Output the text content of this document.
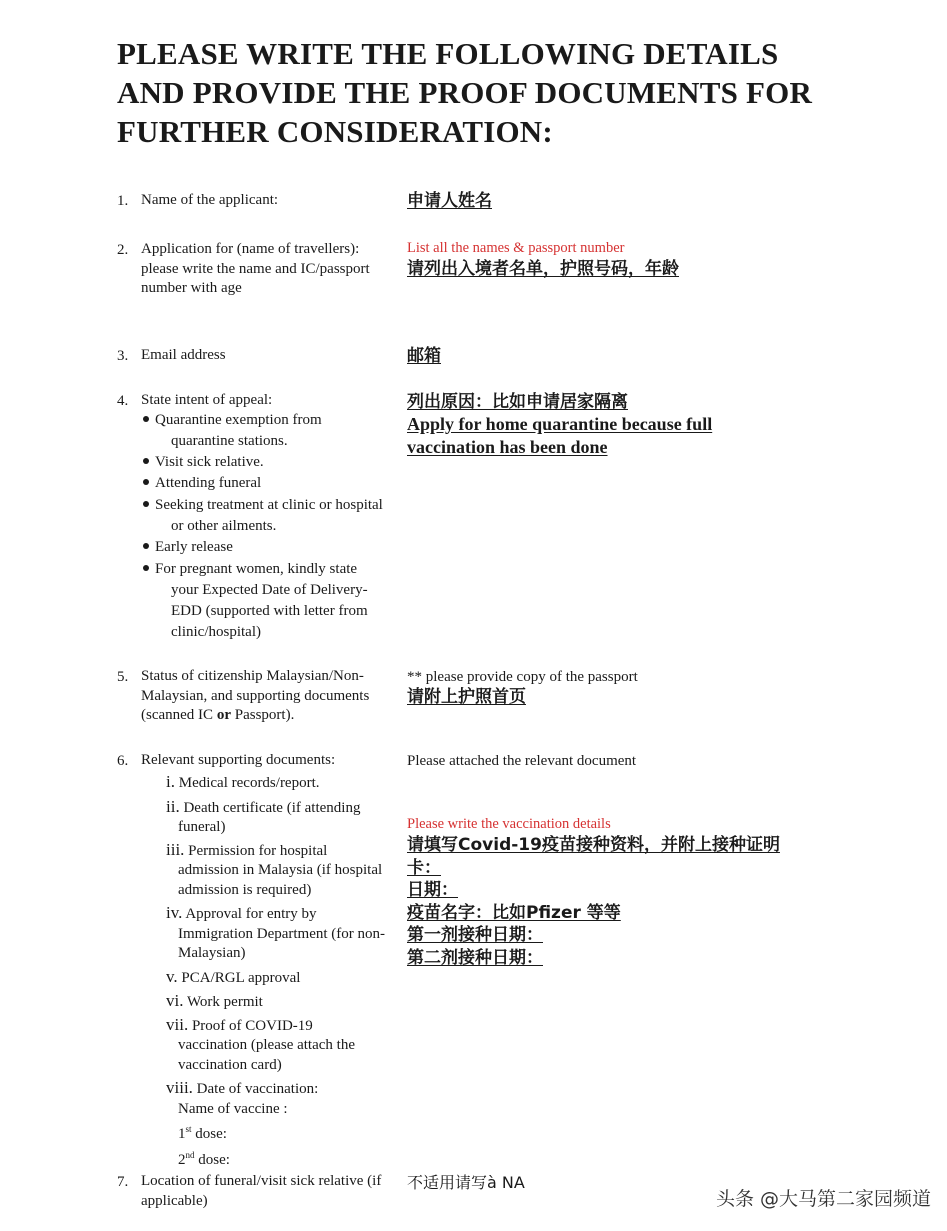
PLEASE WRITE THE FOLLOWING DETAILS
AND PROVIDE THE PROOF DOCUMENTS FOR
FURTHER CONSIDERATION:
1. Name of the applicant:	申请人姓名
2. Application for (name of travellers):
please write the name and IC/passport
number with age
List all the names & passport number
请列出入境者名单，护照号码，年龄
3. Email address	邮箱
4. State intent of appeal:
Quarantine exemption from
quarantine stations.
Visit sick relative.
Attending funeral
Seeking treatment at clinic or hospital
or other ailments.
Early release
For pregnant women, kindly state
your Expected Date of Delivery-
EDD (supported with letter from
clinic/hospital)
列出原因：比如申请居家隔离
Apply for home quarantine because full
vaccination has been done
5. Status of citizenship Malaysian/Non-
Malaysian, and supporting documents
(scanned IC or Passport).
** please provide copy of the passport
请附上护照首页
6. Relevant supporting documents:
i. Medical records/report.
ii. Death certificate (if attending
funeral)
iii. Permission for hospital
admission in Malaysia (if hospital
admission is required)
iv. Approval for entry by
Immigration Department (for non-
Malaysian)
v. PCA/RGL approval
vi. Work permit
vii. Proof of COVID-19
vaccination (please attach the
vaccination card)
viii. Date of vaccination:
Name of vaccine :
1st dose:
2nd dose:
Please attached the relevant document
Please write the vaccination details
请填写Covid-19疫苗接种资料，并附上接种证明
卡：
日期：
疫苗名字：比如Pfizer 等等
第一剂接种日期：
第二剂接种日期：
7. Location of funeral/visit sick relative (if
applicable)
不适用请写à NA
头条 @大马第二家园频道
